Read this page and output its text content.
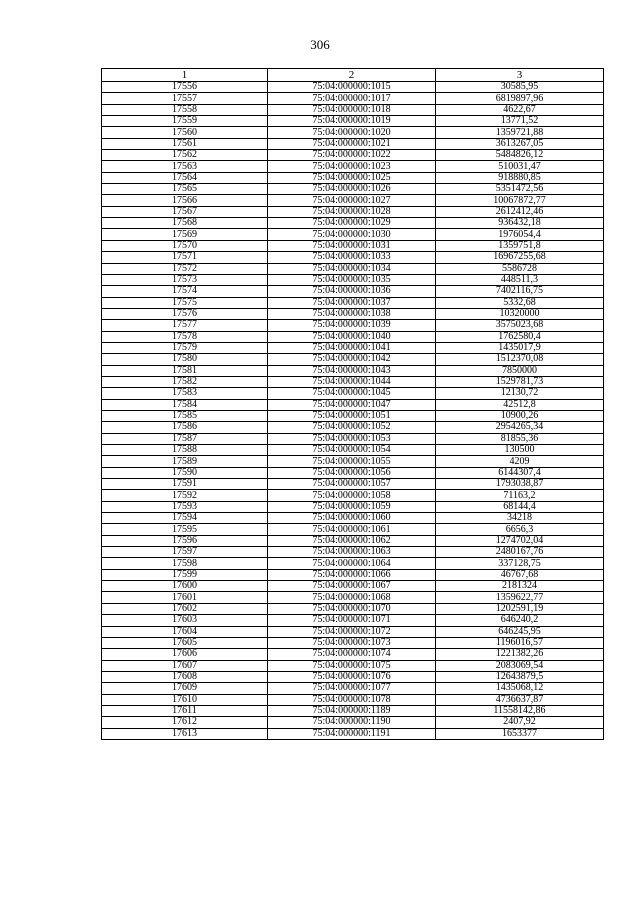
306
1	2	3
17556	75:04:000000:1015	30585,95
17557	75:04:000000:1017	6819897,96
17558	75:04:000000:1018	4622,67
17559	75:04:000000:1019	13771,52
17560	75:04:000000:1020	1359721,88
17561	75:04:000000:1021	3613267,05
17562	75:04:000000:1022	5484826,12
17563	75:04:000000:1023	510031,47
17564	75:04:000000:1025	918880,85
17565	75:04:000000:1026	5351472,56
17566	75:04:000000:1027	10067872,77
17567	75:04:000000:1028	2612412,46
17568	75:04:000000:1029	936432,18
17569	75:04:000000:1030	1976054,4
17570	75:04:000000:1031	1359751,8
17571	75:04:000000:1033	16967255,68
17572	75:04:000000:1034	5586728
17573	75:04:000000:1035	448511,3
17574	75:04:000000:1036	7402116,75
17575	75:04:000000:1037	5332,68
17576	75:04:000000:1038	10320000
17577	75:04:000000:1039	3575023,68
17578	75:04:000000:1040	1762580,4
17579	75:04:000000:1041	1435017,9
17580	75:04:000000:1042	1512370,08
17581	75:04:000000:1043	7850000
17582	75:04:000000:1044	1529781,73
17583	75:04:000000:1045	12130,72
17584	75:04:000000:1047	42512,8
17585	75:04:000000:1051	10900,26
17586	75:04:000000:1052	2954265,34
17587	75:04:000000:1053	81855,36
17588	75:04:000000:1054	130500
17589	75:04:000000:1055	4209
17590	75:04:000000:1056	6144307,4
17591	75:04:000000:1057	1793038,87
17592	75:04:000000:1058	71163,2
17593	75:04:000000:1059	68144,4
17594	75:04:000000:1060	34218
17595	75:04:000000:1061	6656,3
17596	75:04:000000:1062	1274702,04
17597	75:04:000000:1063	2480167,76
17598	75:04:000000:1064	337128,75
17599	75:04:000000:1066	46767,68
17600	75:04:000000:1067	2181324
17601	75:04:000000:1068	1359622,77
17602	75:04:000000:1070	1202591,19
17603	75:04:000000:1071	646240,2
17604	75:04:000000:1072	646245,95
17605	75:04:000000:1073	1196016,57
17606	75:04:000000:1074	1221382,26
17607	75:04:000000:1075	2083069,54
17608	75:04:000000:1076	12643879,5
17609	75:04:000000:1077	1435068,12
17610	75:04:000000:1078	4736637,87
17611	75:04:000000:1189	11558142,86
17612	75:04:000000:1190	2407,92
17613	75:04:000000:1191	1653377
